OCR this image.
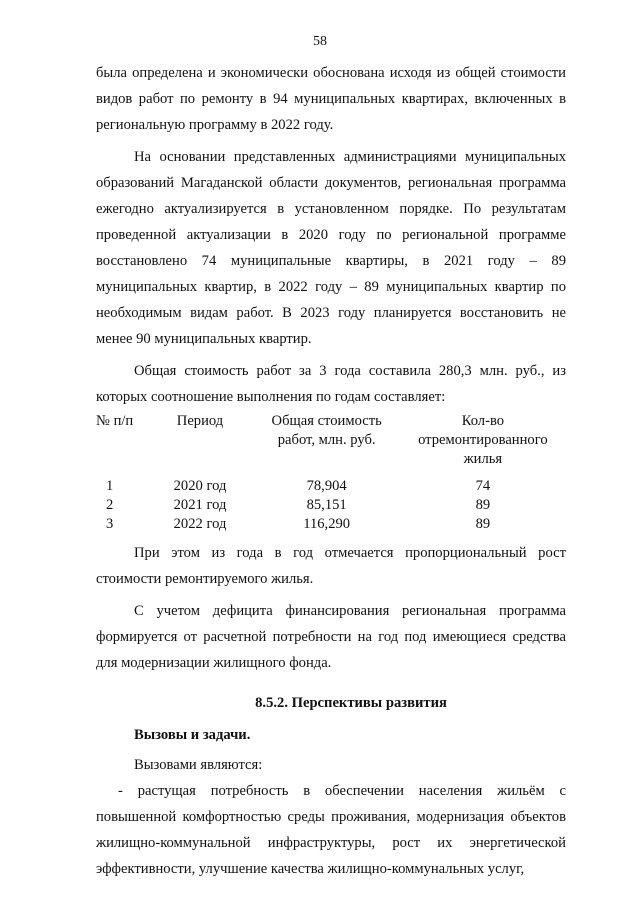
58

была определена и экономически обоснована исходя из общей стоимости видов работ по ремонту в 94 муниципальных квартирах, включенных в региональную программу в 2022 году.

На основании представленных администрациями муниципальных образований Магаданской области документов, региональная программа ежегодно актуализируется в установленном порядке. По результатам проведенной актуализации в 2020 году по региональной программе восстановлено 74 муниципальные квартиры, в 2021 году – 89 муниципальных квартир, в 2022 году – 89 муниципальных квартир по необходимым видам работ. В 2023 году планируется восстановить не менее 90 муниципальных квартир.

Общая стоимость работ за 3 года составила 280,3 млн. руб., из которых соотношение выполнения по годам составляет:

№ п/п	Период	Общая стоимость работ, млн. руб.	Кол-во отремонтированного жилья
1	2020 год	78,904	74
2	2021 год	85,151	89
3	2022 год	116,290	89

При этом из года в год отмечается пропорциональный рост стоимости ремонтируемого жилья.

С учетом дефицита финансирования региональная программа формируется от расчетной потребности на год под имеющиеся средства для модернизации жилищного фонда.

8.5.2. Перспективы развития
Вызовы и задачи.
Вызовами являются:

- растущая потребность в обеспечении населения жильём с повышенной комфортностью среды проживания, модернизация объектов жилищно-коммунальной инфраструктуры, рост их энергетической эффективности, улучшение качества жилищно-коммунальных услуг,
